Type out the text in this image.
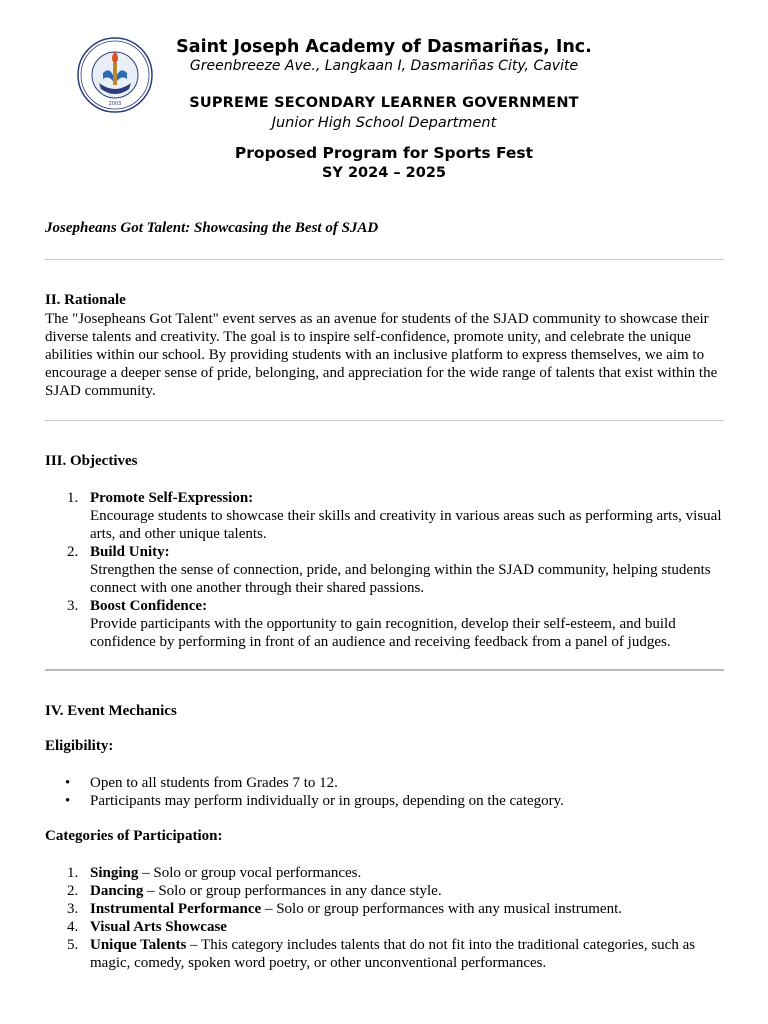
2003
Saint Joseph Academy of Dasmariñas, Inc.
Greenbreeze Ave., Langkaan I, Dasmariñas City, Cavite
SUPREME SECONDARY LEARNER GOVERNMENT
Junior High School Department
Proposed Program for Sports Fest
SY 2024 – 2025
Josepheans Got Talent: Showcasing the Best of SJAD
II. Rationale
The "Josepheans Got Talent" event serves as an avenue for students of the SJAD community to showcase their diverse talents and creativity. The goal is to inspire self-confidence, promote unity, and celebrate the unique abilities within our school. By providing students with an inclusive platform to express themselves, we aim to encourage a deeper sense of pride, belonging, and appreciation for the wide range of talents that exist within the SJAD community.
III. Objectives
1. Promote Self-Expression:
Encourage students to showcase their skills and creativity in various areas such as performing arts, visual arts, and other unique talents.
2. Build Unity:
Strengthen the sense of connection, pride, and belonging within the SJAD community, helping students connect with one another through their shared passions.
3. Boost Confidence:
Provide participants with the opportunity to gain recognition, develop their self-esteem, and build confidence by performing in front of an audience and receiving feedback from a panel of judges.
IV. Event Mechanics
Eligibility:
• Open to all students from Grades 7 to 12.
• Participants may perform individually or in groups, depending on the category.
Categories of Participation:
1. Singing – Solo or group vocal performances.
2. Dancing – Solo or group performances in any dance style.
3. Instrumental Performance – Solo or group performances with any musical instrument.
4. Visual Arts Showcase
5. Unique Talents – This category includes talents that do not fit into the traditional categories, such as magic, comedy, spoken word poetry, or other unconventional performances.
